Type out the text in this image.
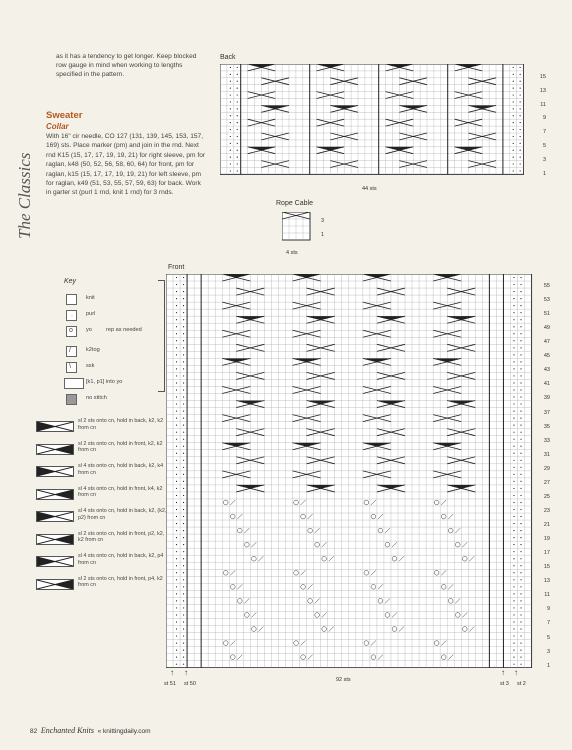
The Classics
as it has a tendency to get longer. Keep blocked row gauge in mind when working to lengths specified in the pattern.
Sweater
Collar
With 16" cir needle, CO 127 (131, 139, 145, 153, 157, 169) sts. Place marker (pm) and join in the rnd. Next rnd K15 (15, 17, 17, 19, 19, 21) for right sleeve, pm for raglan, k48 (50, 52, 56, 58, 60, 64) for front, pm for raglan, k15 (15, 17, 17, 19, 19, 21) for left sleeve, pm for raglan, k49 (51, 53, 55, 57, 59, 63) for back. Work in garter st (purl 1 rnd, knit 1 rnd) for 3 rnds.
Back
15
13
11
9
7
5
3
1
44 sts
Rope Cable
3
1
4 sts
Key
knit
· purl
o yo
/	k2tog
\	ssk
[k1, p1] into yo
no stitch
rep as needed
sl 2 sts onto cn, hold in back, k2, k2 from cn
sl 2 sts onto cn, hold in front, k2, k2 from cn
sl 4 sts onto cn, hold in back, k2, k4 from cn
sl 4 sts onto cn, hold in front, k4, k2 from cn
sl 4 sts onto cn, hold in back, k2, (k2, p2) from cn
sl 2 sts onto cn, hold in front, p2, k2, k2 from cn
sl 4 sts onto cn, hold in back, k2, p4 from cn
sl 2 sts onto cn, hold in front, p4, k2 from cn
Front
55
53
51
49
47
45
43
41
39
37
35
33
31
29
27
25
23
21
19
17
15
13
11
9
7
5
3
1
92 sts
↑ ↑	↑ ↑
st 51 st 50	st 3 st 2
82 Enchanted Knits  « knittingdaily.com
